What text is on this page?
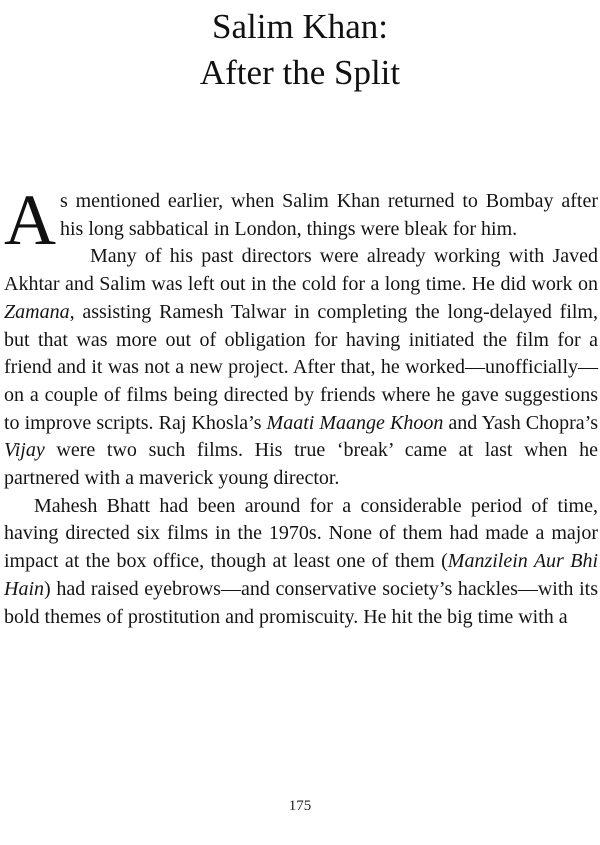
Salim Khan:
After the Split

As mentioned earlier, when Salim Khan returned to Bombay after his long sabbatical in London, things were bleak for him.

Many of his past directors were already working with Javed Akhtar and Salim was left out in the cold for a long time. He did work on Zamana, assisting Ramesh Talwar in completing the long-delayed film, but that was more out of obligation for having initiated the film for a friend and it was not a new project. After that, he worked—unofficially—on a couple of films being directed by friends where he gave suggestions to improve scripts. Raj Khosla’s Maati Maange Khoon and Yash Chopra’s Vijay were two such films. His true ‘break’ came at last when he partnered with a maverick young director.

Mahesh Bhatt had been around for a considerable period of time, having directed six films in the 1970s. None of them had made a major impact at the box office, though at least one of them (Manzilein Aur Bhi Hain) had raised eyebrows—and conservative society’s hackles—with its bold themes of prostitution and promiscuity. He hit the big time with a

175
